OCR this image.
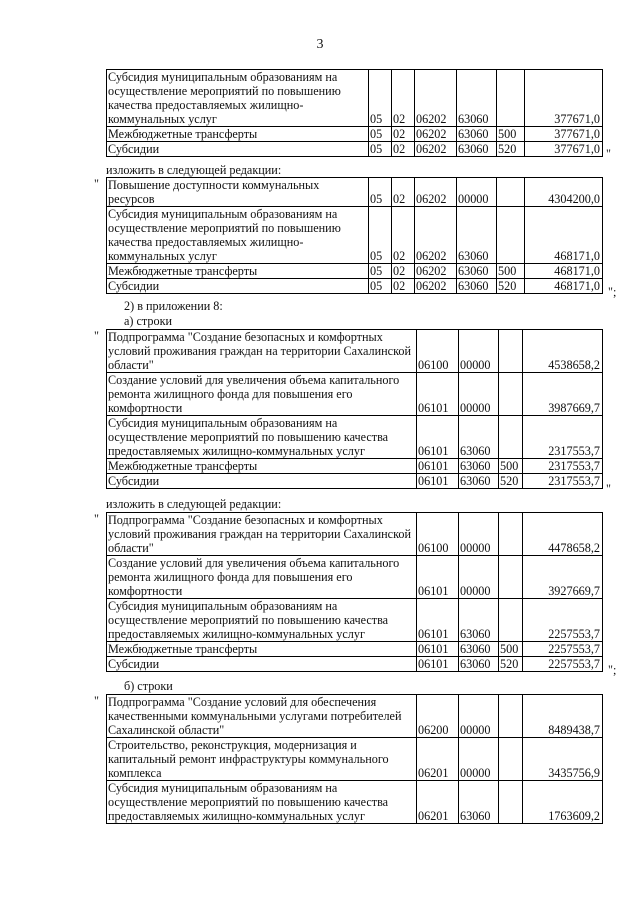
3
Субсидия муниципальным образованиям на осуществление мероприятий по повышению качества предоставляемых жилищно-коммунальных услуг	05	02	06202	63060		377671,0
Межбюджетные трансферты	05	02	06202	63060	500	377671,0
Субсидии	05	02	06202	63060	520	377671,0 "
изложить в следующей редакции:
" Повышение доступности коммунальных ресурсов	05	02	06202	00000		4304200,0
Субсидия муниципальным образованиям на осуществление мероприятий по повышению качества предоставляемых жилищно-коммунальных услуг	05	02	06202	63060		468171,0
Межбюджетные трансферты	05	02	06202	63060	500	468171,0
Субсидии	05	02	06202	63060	520	468171,0 ";
2) в приложении 8:
а) строки
" Подпрограмма "Создание безопасных и комфортных условий проживания граждан на территории Сахалинской области"	06100	00000		4538658,2
Создание условий для увеличения объема капитального ремонта жилищного фонда для повышения его комфортности	06101	00000		3987669,7
Субсидия муниципальным образованиям на осуществление мероприятий по повышению качества предоставляемых жилищно-коммунальных услуг	06101	63060		2317553,7
Межбюджетные трансферты	06101	63060	500	2317553,7
Субсидии	06101	63060	520	2317553,7
"
изложить в следующей редакции:
" Подпрограмма "Создание безопасных и комфортных условий проживания граждан на территории Сахалинской области"	06100	00000		4478658,2
Создание условий для увеличения объема капитального ремонта жилищного фонда для повышения его комфортности	06101	00000		3927669,7
Субсидия муниципальным образованиям на осуществление мероприятий по повышению качества предоставляемых жилищно-коммунальных услуг	06101	63060		2257553,7
Межбюджетные трансферты	06101	63060	500	2257553,7
Субсидии	06101	63060	520	2257553,7 ";
б) строки
" Подпрограмма "Создание условий для обеспечения качественными коммунальными услугами потребителей Сахалинской области"	06200	00000		8489438,7
Строительство, реконструкция, модернизация и капитальный ремонт инфраструктуры коммунального комплекса	06201	00000		3435756,9
Субсидия муниципальным образованиям на осуществление мероприятий по повышению качества предоставляемых жилищно-коммунальных услуг	06201	63060		1763609,2
